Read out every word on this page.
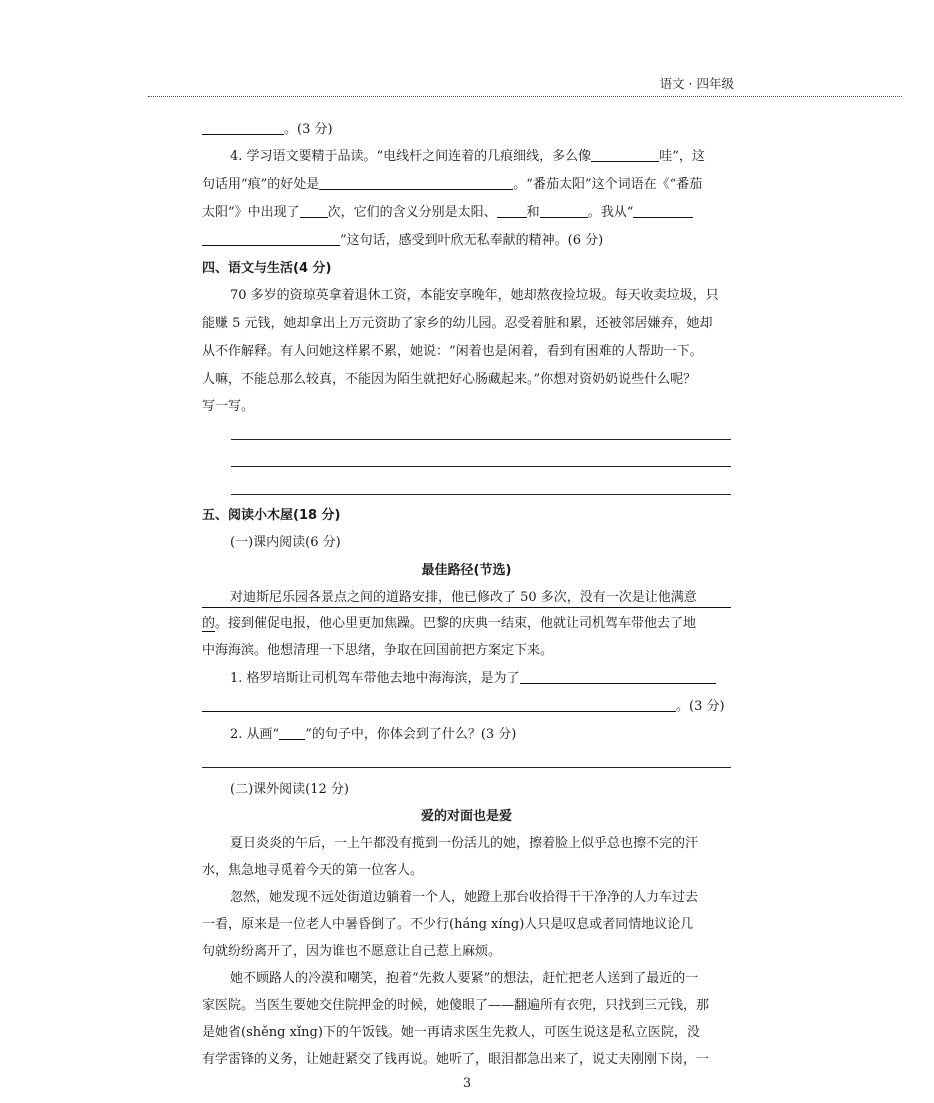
语文 · 四年级
。(3 分)
4. 学习语文要精于品读。“电线杆之间连着的几痕细线，多么像	哇”，这
句话用“痕”的好处是	。“番茄太阳”这个词语在《“番茄
太阳”》中出现了 次，它们的含义分别是太阳、 和	。我从“
”这句话，感受到叶欣无私奉献的精神。(6 分)
四、语文与生活(4 分)
70 多岁的资琼英拿着退休工资，本能安享晚年，她却熬夜捡垃圾。每天收卖垃圾，只
能赚 5 元钱，她却拿出上万元资助了家乡的幼儿园。忍受着脏和累，还被邻居嫌弃，她却
从不作解释。有人问她这样累不累，她说：“闲着也是闲着，看到有困难的人帮助一下。
人嘛，不能总那么较真，不能因为陌生就把好心肠藏起来。”你想对资奶奶说些什么呢？
写一写。
五、阅读小木屋(18 分)
(一)课内阅读(6 分)
最佳路径(节选)
对迪斯尼乐园各景点之间的道路安排，他已修改了 50 多次，没有一次是让他满意
的。接到催促电报，他心里更加焦躁。巴黎的庆典一结束，他就让司机驾车带他去了地
中海海滨。他想清理一下思绪，争取在回国前把方案定下来。
1. 格罗培斯让司机驾车带他去地中海海滨，是为了
。(3 分)
2. 从画“ ”的句子中，你体会到了什么？(3 分)
(二)课外阅读(12 分)
爱的对面也是爱
夏日炎炎的午后，一上午都没有揽到一份活儿的她，擦着脸上似乎总也擦不完的汗
水，焦急地寻觅着今天的第一位客人。
忽然，她发现不远处街道边躺着一个人，她蹬上那台收拾得干干净净的人力车过去
一看，原来是一位老人中暑昏倒了。不少行(háng xíng)人只是叹息或者同情地议论几
句就纷纷离开了，因为谁也不愿意让自己惹上麻烦。
她不顾路人的冷漠和嘲笑，抱着“先救人要紧”的想法，赶忙把老人送到了最近的一
家医院。当医生要她交住院押金的时候，她傻眼了——翻遍所有衣兜，只找到三元钱，那
是她省(shěng xǐng)下的午饭钱。她一再请求医生先救人，可医生说这是私立医院，没
有学雷锋的义务，让她赶紧交了钱再说。她听了，眼泪都急出来了，说丈夫刚刚下岗，一
3
